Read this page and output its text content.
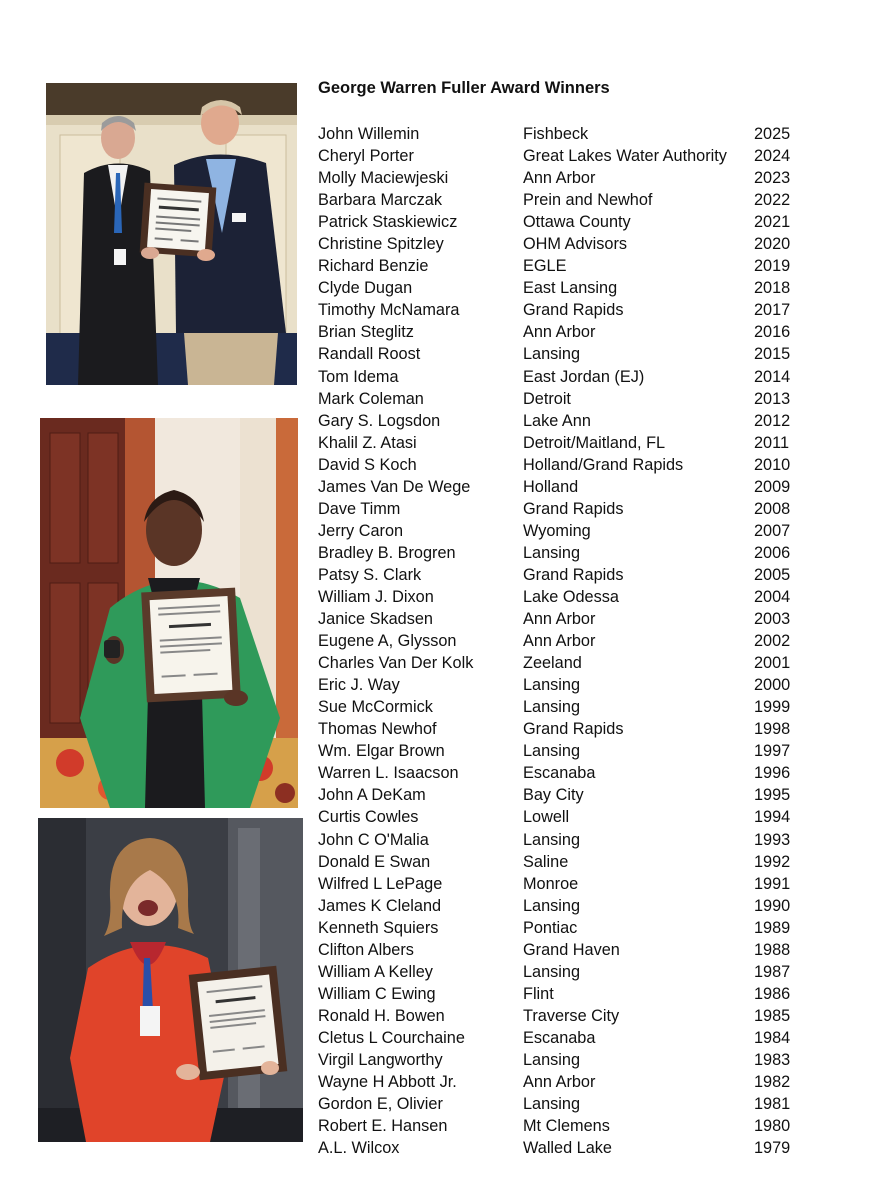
George Warren Fuller Award Winners
John Willemin	Fishbeck	2025
Cheryl Porter	Great Lakes Water Authority 2024
Molly Maciewjeski	Ann Arbor	2023
Barbara Marczak	Prein and Newhof	2022
Patrick Staskiewicz	Ottawa County	2021
Christine Spitzley	OHM Advisors	2020
Richard Benzie	EGLE	2019
Clyde Dugan	East Lansing	2018
Timothy McNamara	Grand Rapids	2017
Brian Steglitz	Ann Arbor	2016
Randall Roost	Lansing	2015
Tom Idema	East Jordan (EJ)	2014
Mark Coleman	Detroit	2013
Gary S. Logsdon	Lake Ann	2012
Khalil Z. Atasi	Detroit/Maitland, FL	2011
David S Koch	Holland/Grand Rapids	2010
James Van De Wege	Holland	2009
Dave Timm	Grand Rapids	2008
Jerry Caron	Wyoming	2007
Bradley B. Brogren	Lansing	2006
Patsy S. Clark	Grand Rapids	2005
William J. Dixon	Lake Odessa	2004
Janice Skadsen	Ann Arbor	2003
Eugene A, Glysson	Ann Arbor	2002
Charles Van Der Kolk	Zeeland	2001
Eric J. Way	Lansing	2000
Sue McCormick	Lansing	1999
Thomas Newhof	Grand Rapids	1998
Wm. Elgar Brown	Lansing	1997
Warren L. Isaacson	Escanaba	1996
John A DeKam	Bay City	1995
Curtis Cowles	Lowell	1994
John C O'Malia	Lansing	1993
Donald E Swan	Saline	1992
Wilfred L LePage	Monroe	1991
James K Cleland	Lansing	1990
Kenneth Squiers	Pontiac	1989
Clifton Albers	Grand Haven	1988
William A Kelley	Lansing	1987
William C Ewing	Flint	1986
Ronald H. Bowen	Traverse City	1985
Cletus L Courchaine	Escanaba	1984
Virgil Langworthy	Lansing	1983
Wayne H Abbott Jr.	Ann Arbor	1982
Gordon E, Olivier	Lansing	1981
Robert E. Hansen	Mt Clemens	1980
A.L. Wilcox	Walled Lake	1979
